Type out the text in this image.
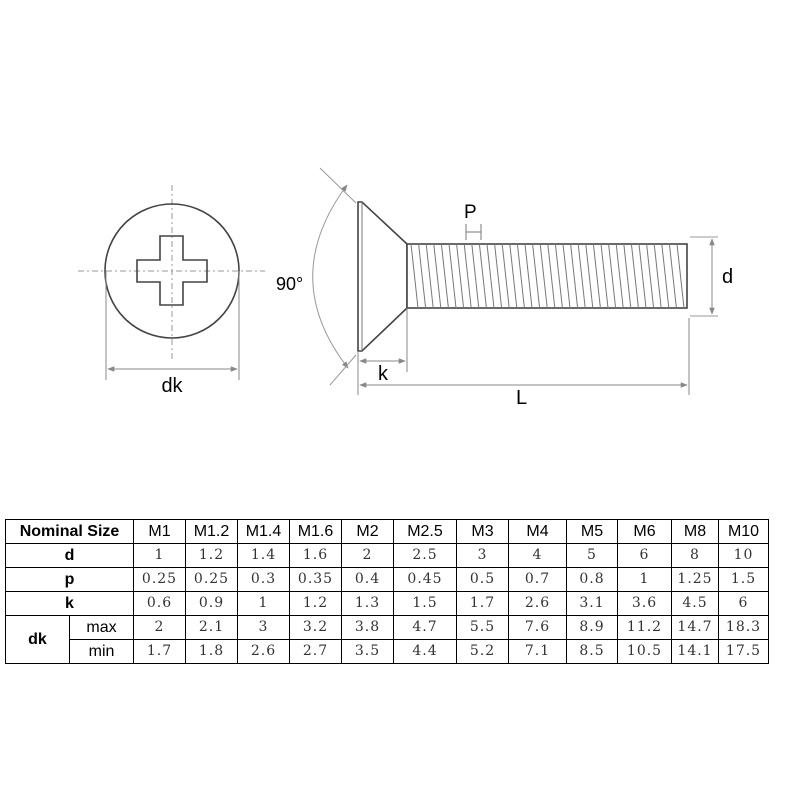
dk
90°
P
d
k
L
Nominal Size		M1	M1.2	M1.4	M1.6	M2	M2.5	M3	M4	M5	M6	M8	M10
d		1	1.2	1.4	1.6	2	2.5	3	4	5	6	8	10
p		0.25	0.25	0.3	0.35	0.4	0.45	0.5	0.7	0.8	1	1.25	1.5
k		0.6	0.9	1	1.2	1.3	1.5	1.7	2.6	3.1	3.6	4.5	6
dk	max	2	2.1	3	3.2	3.8	4.7	5.5	7.6	8.9	11.2	14.7	18.3
	min	1.7	1.8	2.6	2.7	3.5	4.4	5.2	7.1	8.5	10.5	14.1	17.5
